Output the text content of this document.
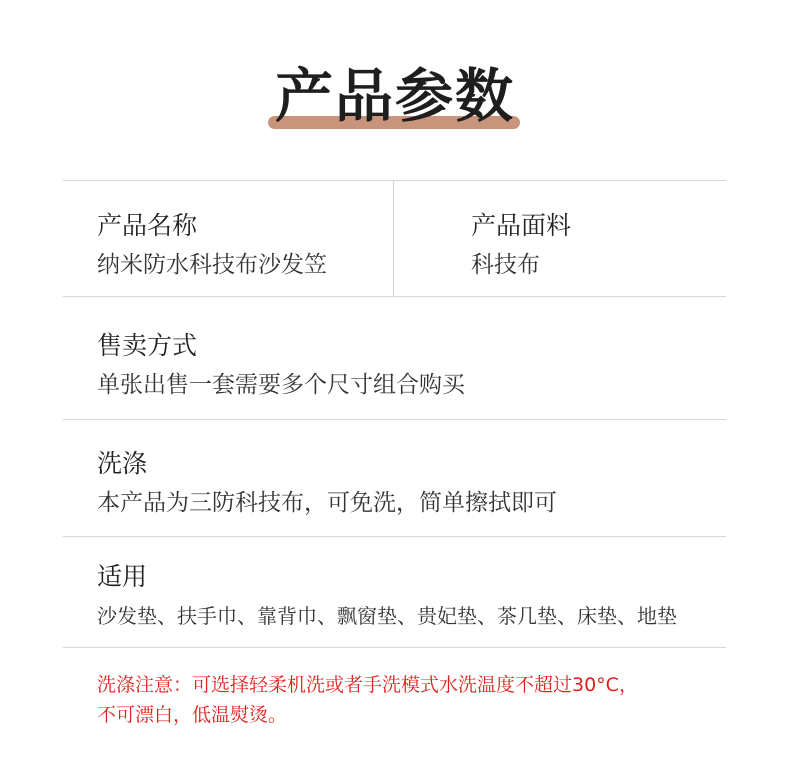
产品参数
产品名称
纳米防水科技布沙发笠
产品面料
科技布
售卖方式
单张出售一套需要多个尺寸组合购买
洗涤
本产品为三防科技布，可免洗，简单擦拭即可
适用
沙发垫、扶手巾、靠背巾、飘窗垫、贵妃垫、茶几垫、床垫、地垫
洗涤注意：可选择轻柔机洗或者手洗模式水洗温度不超过30°C，
不可漂白，低温熨烫。
